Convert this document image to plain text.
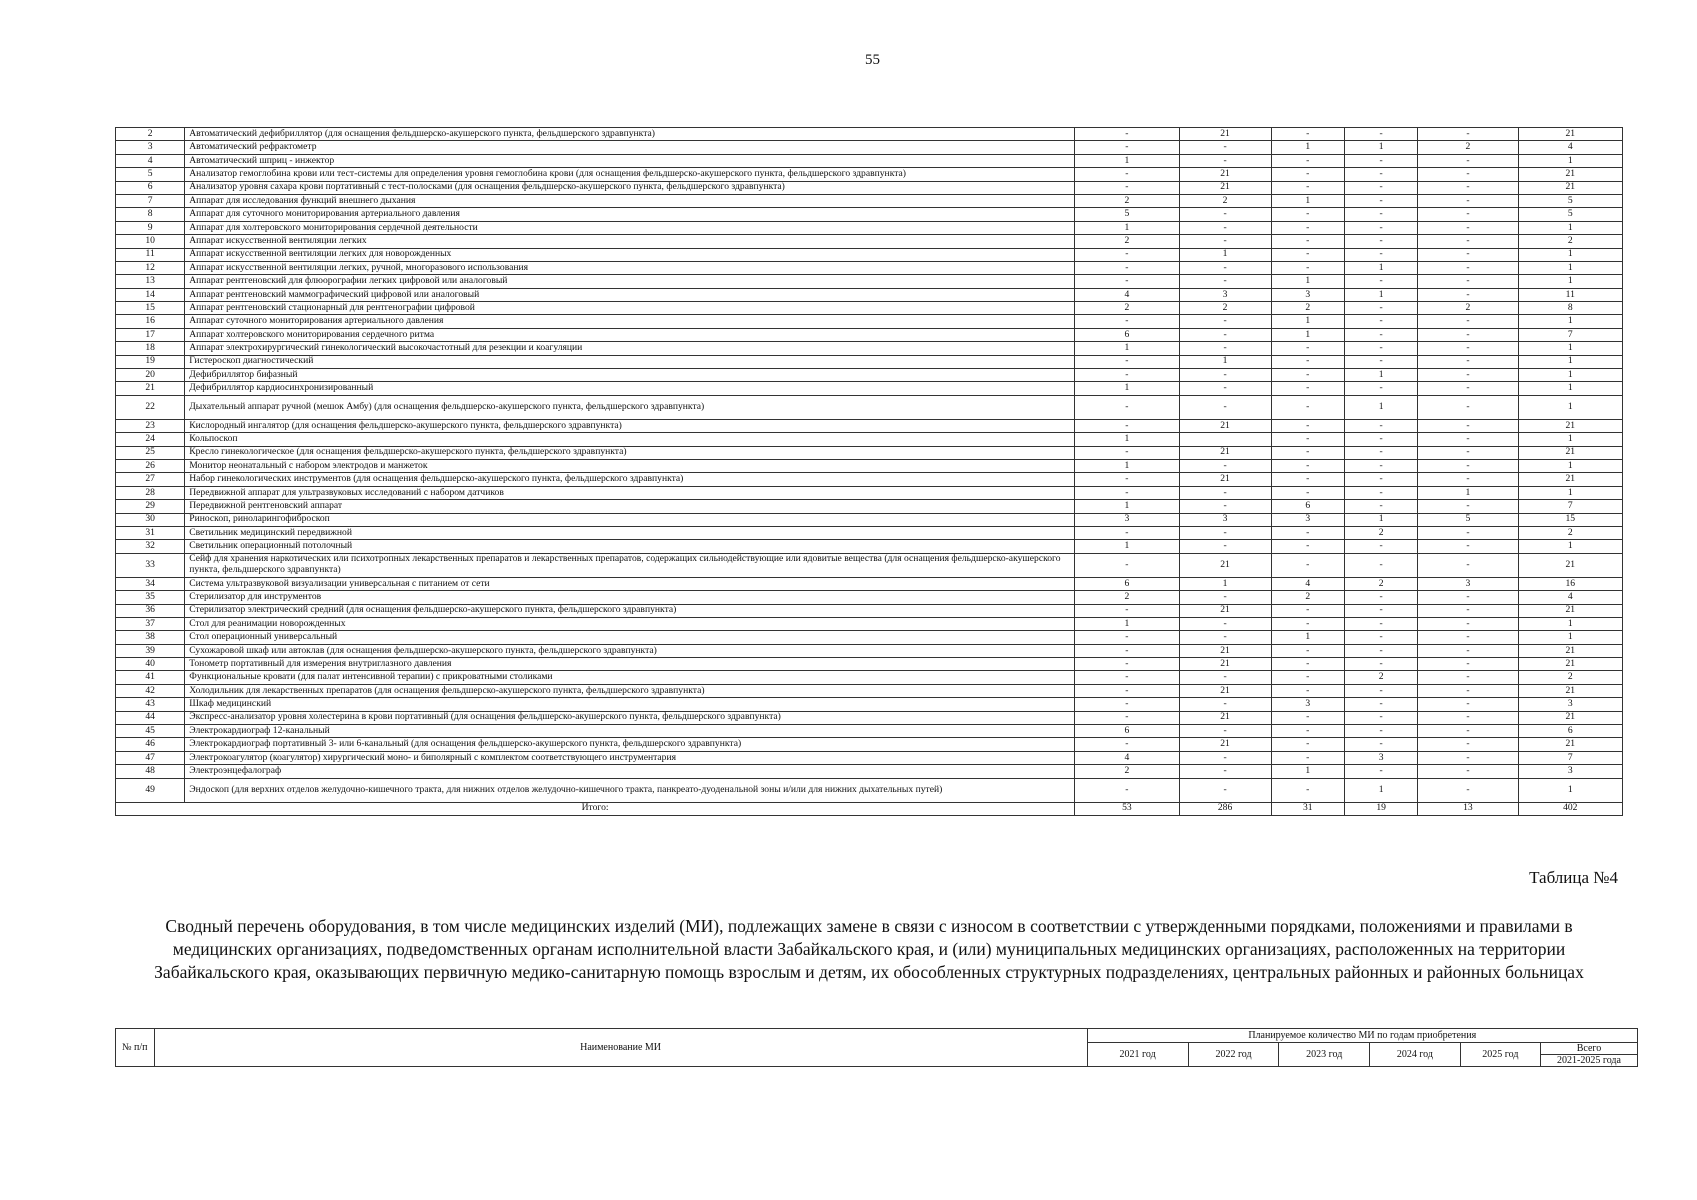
55
2	Автоматический дефибриллятор (для оснащения фельдшерско-акушерского пункта, фельдшерского здравпункта)	-	21	-	-	-	21
3	Автоматический рефрактометр	-	-	1	1	2	4
4	Автоматический шприц - инжектор	1	-	-	-	-	1
5	Анализатор гемоглобина крови или тест-системы для определения уровня гемоглобина крови (для оснащения фельдшерско-акушерского пункта, фельдшерского здравпункта)	-	21	-	-	-	21
6	Анализатор уровня сахара крови портативный с тест-полосками (для оснащения фельдшерско-акушерского пункта, фельдшерского здравпункта)	-	21	-	-	-	21
7	Аппарат для исследования функций внешнего дыхания	2	2	1	-	-	5
8	Аппарат для суточного мониторирования артериального давления	5	-	-	-	-	5
9	Аппарат для холтеровского мониторирования сердечной деятельности	1	-	-	-	-	1
10	Аппарат искусственной вентиляции легких	2	-	-	-	-	2
11	Аппарат искусственной вентиляции легких для новорожденных	-	1	-	-	-	1
12	Аппарат искусственной вентиляции легких, ручной, многоразового использования	-	-	-	1	-	1
13	Аппарат рентгеновский для флюорографии легких цифровой или аналоговый	-	-	1	-	-	1
14	Аппарат рентгеновский маммографический цифровой или аналоговый	4	3	3	1	-	11
15	Аппарат рентгеновский стационарный для рентгенографии цифровой	2	2	2	-	2	8
16	Аппарат суточного мониторирования артериального давления	-	-	1	-	-	1
17	Аппарат холтеровского мониторирования сердечного ритма	6	-	1	-	-	7
18	Аппарат электрохирургический гинекологический высокочастотный для резекции и коагуляции	1	-	-	-	-	1
19	Гистероскоп диагностический	-	1	-	-	-	1
20	Дефибриллятор бифазный	-	-	-	1	-	1
21	Дефибриллятор кардиосинхронизированный	1	-	-	-	-	1
22	Дыхательный аппарат ручной (мешок Амбу) (для оснащения фельдшерско-акушерского пункта, фельдшерского здравпункта)	-	-	-	1	-	1
23	Кислородный ингалятор (для оснащения фельдшерско-акушерского пункта, фельдшерского здравпункта)	-	21	-	-	-	21
24	Кольпоскоп	1		-	-	-	1
25	Кресло гинекологическое (для оснащения фельдшерско-акушерского пункта, фельдшерского здравпункта)	-	21	-	-	-	21
26	Монитор неонатальный с набором электродов и манжеток	1	-	-	-	-	1
27	Набор гинекологических инструментов (для оснащения фельдшерско-акушерского пункта, фельдшерского здравпункта)	-	21	-	-	-	21
28	Передвижной аппарат для ультразвуковых исследований с набором датчиков	-	-	-	-	1	1
29	Передвижной рентгеновский аппарат	1	-	6	-	-	7
30	Риноскоп, риноларингофиброскоп	3	3	3	1	5	15
31	Светильник медицинский передвижной	-	-	-	2	-	2
32	Светильник операционный потолочный	1	-	-	-	-	1
33	Сейф для хранения наркотических или психотропных лекарственных препаратов и лекарственных препаратов, содержащих сильнодействующие или ядовитые вещества (для оснащения фельдшерско-акушерского пункта, фельдшерского здравпункта)	-	21	-	-	-	21
34	Система ультразвуковой визуализации универсальная с питанием от сети	6	1	4	2	3	16
35	Стерилизатор для инструментов	2	-	2	-	-	4
36	Стерилизатор электрический средний (для оснащения фельдшерско-акушерского пункта, фельдшерского здравпункта)	-	21	-	-	-	21
37	Стол для реанимации новорожденных	1	-	-	-	-	1
38	Стол операционный универсальный	-	-	1	-	-	1
39	Сухожаровой шкаф или автоклав (для оснащения фельдшерско-акушерского пункта, фельдшерского здравпункта)	-	21	-	-	-	21
40	Тонометр портативный для измерения внутриглазного давления	-	21	-	-	-	21
41	Функциональные кровати (для палат интенсивной терапии) с прикроватными столиками	-	-	-	2	-	2
42	Холодильник для лекарственных препаратов (для оснащения фельдшерско-акушерского пункта, фельдшерского здравпункта)	-	21	-	-	-	21
43	Шкаф медицинский	-	-	3	-	-	3
44	Экспресс-анализатор уровня холестерина в крови портативный (для оснащения фельдшерско-акушерского пункта, фельдшерского здравпункта)	-	21	-	-	-	21
45	Электрокардиограф 12-канальный	6	-	-	-	-	6
46	Электрокардиограф портативный 3- или 6-канальный (для оснащения фельдшерско-акушерского пункта, фельдшерского здравпункта)	-	21	-	-	-	21
47	Электрокоагулятор (коагулятор) хирургический моно- и биполярный с комплектом соответствующего инструментария	4	-	-	3	-	7
48	Электроэнцефалограф	2	-	1	-	-	3
49	Эндоскоп (для верхних отделов желудочно-кишечного тракта, для нижних отделов желудочно-кишечного тракта, панкреато-дуоденальной зоны и/или для нижних дыхательных путей)	-	-	-	1	-	1
Итого:		53	286	31	19	13	402
Таблица №4
Сводный перечень оборудования, в том числе медицинских изделий (МИ), подлежащих замене в связи с износом в соответствии с утвержденными порядками, положениями и правилами в медицинских организациях, подведомственных органам исполнительной власти Забайкальского края, и (или) муниципальных медицинских организациях, расположенных на территории Забайкальского края, оказывающих первичную медико-санитарную помощь взрослым и детям, их обособленных структурных подразделениях, центральных районных и районных больницах
№ п/п	Наименование МИ	Планируемое количество МИ по годам приобретения					
		2021 год	2022 год	2023 год	2024 год	2025 год	Всего
2021-2025 года
